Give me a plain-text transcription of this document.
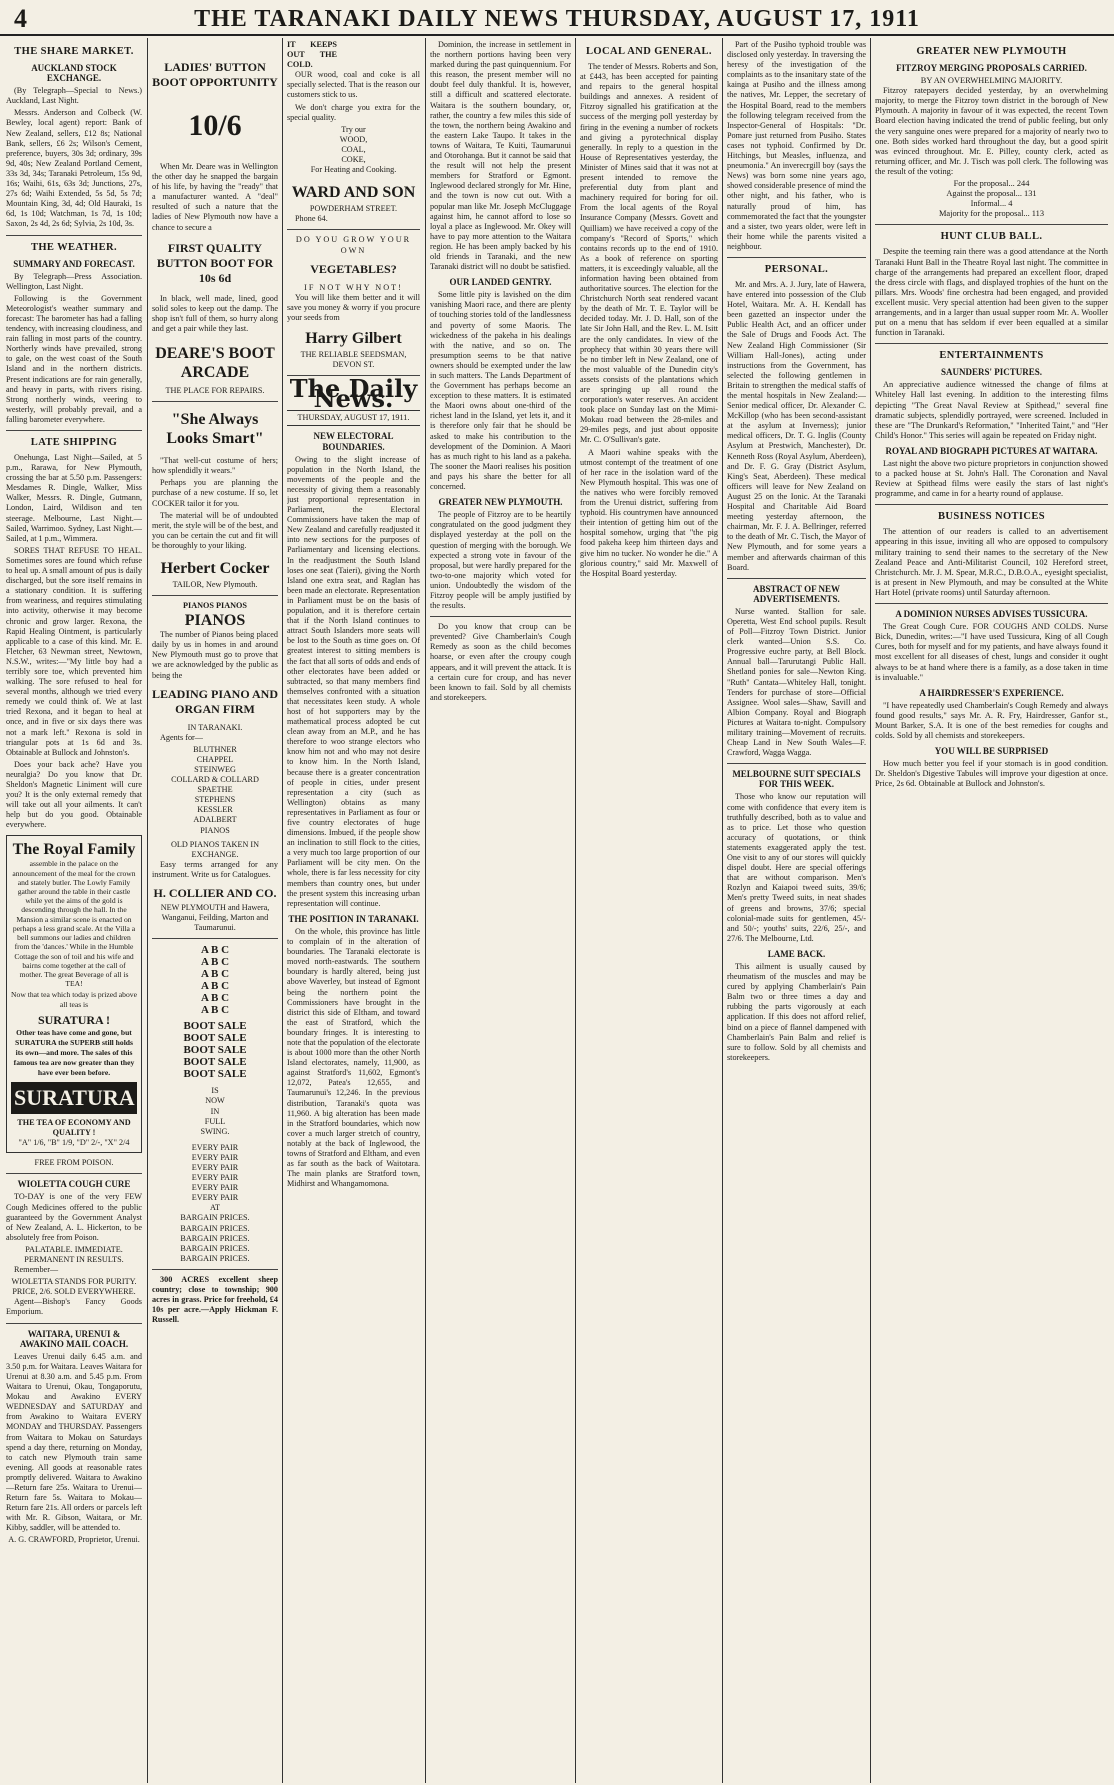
4	THE TARANAKI DAILY NEWS THURSDAY, AUGUST 17, 1911
THE SHARE MARKET.
AUCKLAND STOCK EXCHANGE.

(By Telegraph—Special to News.) Auckland, Last Night.

Messrs. Anderson and Colbeck (W. Bewley, local agent) report: Bank of New Zealand, sellers, £12 8s; National Bank, sellers, £6 2s; Wilson's Cement, preference, buyers, 30s 3d; ordinary, 39s 9d, 40s; New Zealand Portland Cement, 33s 3d, 34s; Taranaki Petroleum, 15s 9d, 16s; Waihi, 61s, 63s 3d; Junctions, 27s, 27s 6d; Waihi Extended, 5s 5d, 5s 7d; Mountain King, 3d, 4d; Old Hauraki, 1s 6d, 1s 10d; Watchman, 1s 7d, 1s 10d; Saxon, 2s 4d, 2s 6d; Sylvia, 2s 10d, 3s.

THE WEATHER.
SUMMARY AND FORECAST.

By Telegraph—Press Association. Wellington, Last Night.

Following is the Government Meteorologist's weather summary and forecast: The barometer has had a falling tendency, with increasing cloudiness, and rain falling in most parts of the country. Northerly winds have prevailed, strong to gale, on the west coast of the South Island and in the northern districts. Present indications are for rain generally, and heavy in parts, with rivers rising. Strong northerly winds, veering to westerly, will probably prevail, and a falling barometer everywhere.

LATE SHIPPING

Onehunga, Last Night—Sailed, at 5 p.m., Rarawa, for New Plymouth, crossing the bar at 5.50 p.m. Passengers: Mesdames R. Dingle, Walker, Miss Walker, Messrs. R. Dingle, Gutmann, London, Laird, Wildison and ten steerage. Melbourne, Last Night.—Sailed, Warrimoo. Sydney, Last Night.—Sailed, at 1 p.m., Wimmera.

SORES THAT REFUSE TO HEAL. Sometimes sores are found which refuse to heal up. A small amount of pus is daily discharged, but the sore itself remains in a stationary condition. It is suffering from weariness, and requires stimulating into activity, otherwise it may become chronic and grow larger. Rexona, the Rapid Healing Ointment, is particularly applicable to a case of this kind. Mr. E. Fletcher, 63 Newman street, Newtown, N.S.W., writes:—"My little boy had a terribly sore toe, which prevented him walking. The sore refused to heal for several months, although we tried every remedy we could think of. We at last tried Rexona, and it began to heal at once, and in five or six days there was not a mark left." Rexona is sold in triangular pots at 1s 6d and 3s. Obtainable at Bullock and Johnston's.

Does your back ache? Have you neuralgia? Do you know that Dr. Sheldon's Magnetic Liniment will cure you? It is the only external remedy that will take out all your ailments. It can't help but do you good. Obtainable everywhere.

The Royal Family

assemble in the palace on the announcement of the meal for the crown and stately butler. The Lowly Family gather around the table in their castle while yet the aims of the gold is descending through the hall. In the Mansion a similar scene is enacted on perhaps a less grand scale. At the Villa a bell summons our ladies and children from the 'dances.' While in the Humble Cottage the son of toil and his wife and bairns come together at the call of mother. The great Beverage of all is TEA!

Now that tea which today is prized above all teas is

SURATURA !

Other teas have come and gone, but SURATURA the SUPERB still holds its own—and more. The sales of this famous tea are now greater than they have ever been before.

SURATURA
THE TEA OF ECONOMY AND QUALITY !
"A" 1/6, "B" 1/9, "D" 2/-, "X" 2/4
FREE FROM POISON.
WIOLETTA COUGH CURE

TO-DAY is one of the very FEW Cough Medicines offered to the public guaranteed by the Government Analyst of New Zealand, A. L. Hickerton, to be absolutely free from Poison.

PALATABLE. IMMEDIATE. PERMANENT IN RESULTS.

Remember—

WIOLETTA STANDS FOR PURITY.
PRICE, 2/6. SOLD EVERYWHERE.

Agent—Bishop's Fancy Goods Emporium.

WAITARA, URENUI & AWAKINO MAIL COACH.

Leaves Urenui daily 6.45 a.m. and 3.50 p.m. for Waitara. Leaves Waitara for Urenui at 8.30 a.m. and 5.45 p.m. From Waitara to Urenui, Okau, Tongaporutu, Mokau and Awakino EVERY WEDNESDAY and SATURDAY and from Awakino to Waitara EVERY MONDAY and THURSDAY. Passengers from Waitara to Mokau on Saturdays spend a day there, returning on Monday, to catch new Plymouth train same evening. All goods at reasonable rates promptly delivered. Waitara to Awakino—Return fare 25s. Waitara to Urenui—Return fare 5s. Waitara to Mokau—Return fare 21s. All orders or parcels left with Mr. R. Gibson, Waitara, or Mr. Kibby, saddler, will be attended to.

A. G. CRAWFORD, Proprietor, Urenui.
LADIES' BUTTON BOOT OPPORTUNITY
10/6

When Mr. Deare was in Wellington the other day he snapped the bargain of his life, by having the "ready" that a manufacturer wanted. A "deal" resulted of such a nature that the ladies of New Plymouth now have a chance to secure a

FIRST QUALITY BUTTON BOOT FOR 10s 6d

In black, well made, lined, good solid soles to keep out the damp. The shop isn't full of them, so hurry along and get a pair while they last.

DEARE'S BOOT ARCADE
THE PLACE FOR REPAIRS.
"She Always Looks Smart"

"That well-cut costume of hers; how splendidly it wears."

Perhaps you are planning the purchase of a new costume. If so, let COCKER tailor it for you.

The material will be of undoubted merit, the style will be of the best, and you can be certain the cut and fit will be thoroughly to your liking.

Herbert Cocker
TAILOR, New Plymouth.
PIANOS PIANOS
PIANOS

The number of Pianos being placed daily by us in homes in and around New Plymouth must go to prove that we are acknowledged by the public as being the

LEADING PIANO AND ORGAN FIRM
IN TARANAKI.

Agents for—

BLUTHNER
CHAPPEL
STEINWEG
COLLARD & COLLARD
SPAETHE
STEPHENS
KESSLER
ADALBERT
PIANOS
OLD PIANOS TAKEN IN EXCHANGE.

Easy terms arranged for any instrument. Write us for Catalogues.

H. COLLIER AND CO.
NEW PLYMOUTH and Hawera, Wanganui, Feilding, Marton and Taumarunui.
A B C
A B C
A B C
A B C
A B C
A B C
BOOT SALE
BOOT SALE
BOOT SALE
BOOT SALE
BOOT SALE
IS
NOW
IN
FULL
SWING.
EVERY PAIR
EVERY PAIR
EVERY PAIR
EVERY PAIR
EVERY PAIR
EVERY PAIR
AT
BARGAIN PRICES.
BARGAIN PRICES.
BARGAIN PRICES.
BARGAIN PRICES.
BARGAIN PRICES.

300 ACRES excellent sheep country; close to township; 900 acres in grass. Price for freehold, £4 10s per acre.—Apply Hickman F. Russell.

IT KEEPS OUT THE COLD.

OUR wood, coal and coke is all specially selected. That is the reason our customers stick to us.

We don't charge you extra for the special quality.

Try our
WOOD,
COAL,
COKE,
For Heating and Cooking.
WARD AND SON
POWDERHAM STREET.

Phone 64.

DO YOU GROW YOUR OWN
VEGETABLES?
IF NOT WHY NOT!

You will like them better and it will save you money & worry if you procure your seeds from

Harry Gilbert
THE RELIABLE SEEDSMAN, DEVON ST.
The Daily News.
THURSDAY, AUGUST 17, 1911.
NEW ELECTORAL BOUNDARIES.

Owing to the slight increase of population in the North Island, the movements of the people and the necessity of giving them a reasonably just proportional representation in Parliament, the Electoral Commissioners have taken the map of New Zealand and carefully readjusted it into new sections for the purposes of Parliamentary and licensing elections. In the readjustment the South Island loses one seat (Taieri), giving the North Island one extra seat, and Raglan has been made an electorate. Representation in Parliament must be on the basis of population, and it is therefore certain that if the North Island continues to attract South Islanders more seats will be lost to the South as time goes on. Of greatest interest to sitting members is the fact that all sorts of odds and ends of other electorates have been added or subtracted, so that many members find themselves confronted with a situation that necessitates keen study. A whole host of hot supporters may by the mathematical process adopted be cut clean away from an M.P., and he has therefore to woo strange electors who know him not and who may not desire to know him. In the North Island, because there is a greater concentration of people in cities, under present representation a city (such as Wellington) obtains as many representatives in Parliament as four or five country electorates of huge dimensions. Imbued, if the people show an inclination to still flock to the cities, a very much too large proportion of our Parliament will be city men. On the whole, there is far less necessity for city members than country ones, but under the present system this increasing urban representation will continue.

THE POSITION IN TARANAKI.

On the whole, this province has little to complain of in the alteration of boundaries. The Taranaki electorate is moved north-eastwards. The southern boundary is hardly altered, being just above Waverley, but instead of Egmont being the northern point the Commissioners have brought in the district this side of Eltham, and toward the east of Stratford, which the boundary fringes. It is interesting to note that the population of the electorate is about 1000 more than the other North Island electorates, namely, 11,900, as against Stratford's 11,602, Egmont's 12,072, Patea's 12,655, and Taumarunui's 12,246. In the previous distribution, Taranaki's quota was 11,960. A big alteration has been made in the Stratford boundaries, which now cover a much larger stretch of country, notably at the back of Inglewood, the towns of Stratford and Eltham, and even as far south as the back of Waitotara. The main planks are Stratford town, Midhirst and Whangamomona.

Dominion, the increase in settlement in the northern portions having been very marked during the past quinquennium. For this reason, the present member will no doubt feel duly thankful. It is, however, still a difficult and scattered electorate. Waitara is the southern boundary, or, rather, the country a few miles this side of the town, the northern being Awakino and the eastern Lake Taupo. It takes in the towns of Waitara, Te Kuiti, Taumarunui and Otorohanga. But it cannot be said that the result will not help the present members for Stratford or Egmont. Inglewood declared strongly for Mr. Hine, and the town is now cut out. With a popular man like Mr. Joseph McCluggage against him, he cannot afford to lose so loyal a place as Inglewood. Mr. Okey will have to pay more attention to the Waitara region. He has been amply backed by his old friends in Taranaki, and the new Taranaki district will no doubt be satisfied.

OUR LANDED GENTRY.

Some little pity is lavished on the dim vanishing Maori race, and there are plenty of touching stories told of the landlessness and poverty of some Maoris. The wickedness of the pakeha in his dealings with the native, and so on. The presumption seems to be that native owners should be exempted under the law in such matters. The Lands Department of the Government has perhaps become an exception to these matters. It is estimated the Maori owns about one-third of the richest land in the Island, yet lets it, and it is therefore only fair that he should be asked to make his contribution to the development of the Dominion. A Maori has as much right to his land as a pakeha. The sooner the Maori realises his position and pays his share the better for all concerned.

GREATER NEW PLYMOUTH.

The people of Fitzroy are to be heartily congratulated on the good judgment they displayed yesterday at the poll on the question of merging with the borough. We expected a strong vote in favour of the proposal, but were hardly prepared for the two-to-one majority which voted for union. Undoubtedly the wisdom of the Fitzroy people will be amply justified by the results.

Do you know that croup can be prevented? Give Chamberlain's Cough Remedy as soon as the child becomes hoarse, or even after the croupy cough appears, and it will prevent the attack. It is a certain cure for croup, and has never been known to fail. Sold by all chemists and storekeepers.

LOCAL AND GENERAL.

The tender of Messrs. Roberts and Son, at £443, has been accepted for painting and repairs to the general hospital buildings and annexes. A resident of Fitzroy signalled his gratification at the success of the merging poll yesterday by firing in the evening a number of rockets and giving a pyrotechnical display generally. In reply to a question in the House of Representatives yesterday, the Minister of Mines said that it was not at present intended to remove the preferential duty from plant and machinery required for boring for oil. From the local agents of the Royal Insurance Company (Messrs. Govett and Quilliam) we have received a copy of the company's "Record of Sports," which contains records up to the end of 1910. As a book of reference on sporting matters, it is exceedingly valuable, all the information having been obtained from authoritative sources. The election for the Christchurch North seat rendered vacant by the death of Mr. T. E. Taylor will be decided today. Mr. J. D. Hall, son of the late Sir John Hall, and the Rev. L. M. Isitt are the only candidates. In view of the prophecy that within 30 years there will be no timber left in New Zealand, one of the most valuable of the Dunedin city's assets consists of the plantations which are springing up all round the corporation's water reserves. An accident took place on Sunday last on the Mimi-Mokau road between the 28-miles and 29-miles pegs, and just about opposite Mr. C. O'Sullivan's gate.

A Maori wahine speaks with the utmost contempt of the treatment of one of her race in the isolation ward of the New Plymouth hospital. This was one of the natives who were forcibly removed from the Urenui district, suffering from typhoid. His countrymen have announced their intention of getting him out of the hospital somehow, urging that "the pig food pakeha keep him thirteen days and give him no tucker. No wonder he die." A glorious country," said Mr. Maxwell of the Hospital Board yesterday.

Part of the Pusiho typhoid trouble was disclosed only yesterday. In traversing the heresy of the investigation of the complaints as to the insanitary state of the kainga at Pusiho and the illness among the natives, Mr. Lepper, the secretary of the Hospital Board, read to the members the following telegram received from the Inspector-General of Hospitals: "Dr. Pomare just returned from Pusiho. States cases not typhoid. Confirmed by Dr. Hitchings, but Measles, influenza, and pneumonia." An inverecrgill boy (says the News) was born some nine years ago, showed considerable presence of mind the other night, and his father, who is naturally proud of him, has commemorated the fact that the youngster and a sister, two years older, were left in their home while the parents visited a neighbour.

PERSONAL.

Mr. and Mrs. A. J. Jury, late of Hawera, have entered into possession of the Club Hotel, Waitara. Mr. A. H. Kendall has been gazetted an inspector under the Public Health Act, and an officer under the Sale of Drugs and Foods Act. The New Zealand High Commissioner (Sir William Hall-Jones), acting under instructions from the Government, has selected the following gentlemen in Britain to strengthen the medical staffs of the mental hospitals in New Zealand:—Senior medical officer, Dr. Alexander C. McKillop (who has been second-assistant at the asylum at Inverness); junior medical officers, Dr. T. G. Inglis (County Asylum at Prestwich, Manchester), Dr. Kenneth Ross (Royal Asylum, Aberdeen), and Dr. F. G. Gray (District Asylum, King's Seat, Aberdeen). These medical officers will leave for New Zealand on August 25 on the Ionic. At the Taranaki Hospital and Charitable Aid Board meeting yesterday afternoon, the chairman, Mr. F. J. A. Bellringer, referred to the death of Mr. C. Tisch, the Mayor of New Plymouth, and for some years a member and afterwards chairman of this Board.

ABSTRACT OF NEW ADVERTISEMENTS.

Nurse wanted. Stallion for sale. Operetta, West End school pupils. Result of Poll—Fitzroy Town District. Junior clerk wanted—Union S.S. Co. Progressive euchre party, at Bell Block. Annual ball—Tarurutangi Public Hall. Shetland ponies for sale—Newton King. "Ruth" Cantata—Whiteley Hall, tonight. Tenders for purchase of store—Official Assignee. Wool sales—Shaw, Savill and Albion Company. Royal and Biograph Pictures at Waitara to-night. Compulsory military training—Movement of recruits. Cheap Land in New South Wales—F. Crawford, Wagga Wagga.

MELBOURNE SUIT SPECIALS FOR THIS WEEK.

Those who know our reputation will come with confidence that every item is truthfully described, both as to value and as to price. Let those who question accuracy of quotations, or think statements exaggerated apply the test. One visit to any of our stores will quickly dispel doubt. Here are special offerings that are without comparison. Men's Rozlyn and Kaiapoi tweed suits, 39/6; Men's pretty Tweed suits, in neat shades of greens and browns, 37/6; special colonial-made suits for gentlemen, 45/- and 50/-; youths' suits, 22/6, 25/-, and 27/6. The Melbourne, Ltd.

LAME BACK.

This ailment is usually caused by rheumatism of the muscles and may be cured by applying Chamberlain's Pain Balm two or three times a day and rubbing the parts vigorously at each application. If this does not afford relief, bind on a piece of flannel dampened with Chamberlain's Pain Balm and relief is sure to follow. Sold by all chemists and storekeepers.

GREATER NEW PLYMOUTH
FITZROY MERGING PROPOSALS CARRIED.
BY AN OVERWHELMING MAJORITY.

Fitzroy ratepayers decided yesterday, by an overwhelming majority, to merge the Fitzroy town district in the borough of New Plymouth. A majority in favour of it was expected, the recent Town Board election having indicated the trend of public feeling, but only the very sanguine ones were prepared for a majority of nearly two to one. Both sides worked hard throughout the day, but a good spirit was evinced throughout. Mr. E. Pilley, county clerk, acted as returning officer, and Mr. J. Tisch was poll clerk. The following was the result of the voting:

For the proposal... 244
Against the proposal... 131
Informal... 4
Majority for the proposal... 113
HUNT CLUB BALL.

Despite the teeming rain there was a good attendance at the North Taranaki Hunt Ball in the Theatre Royal last night. The committee in charge of the arrangements had prepared an excellent floor, draped the dress circle with flags, and displayed trophies of the hunt on the pillars. Mrs. Woods' fine orchestra had been engaged, and provided excellent music. Very special attention had been given to the supper arrangements, and in a larger than usual supper room Mr. A. Wooller put on a menu that has seldom if ever been equalled at a similar function in Taranaki.

ENTERTAINMENTS
SAUNDERS' PICTURES.

An appreciative audience witnessed the change of films at Whiteley Hall last evening. In addition to the interesting films depicting "The Great Naval Review at Spithead," several fine dramatic subjects, splendidly portrayed, were screened. Included in these are "The Drunkard's Reformation," "Inherited Taint," and "Her Child's Honor." This series will again be repeated on Friday night.

ROYAL AND BIOGRAPH PICTURES AT WAITARA.

Last night the above two picture proprietors in conjunction showed to a packed house at St. John's Hall. The Coronation and Naval Review at Spithead films were easily the stars of last night's programme, and came in for a hearty round of applause.

BUSINESS NOTICES

The attention of our readers is called to an advertisement appearing in this issue, inviting all who are opposed to compulsory military training to send their names to the secretary of the New Zealand Peace and Anti-Militarist Council, 102 Hereford street, Christchurch. Mr. J. M. Spear, M.R.C., D.B.O.A., eyesight specialist, is at present in New Plymouth, and may be consulted at the White Hart Hotel (private rooms) until Saturday afternoon.

A DOMINION NURSES ADVISES TUSSICURA.

The Great Cough Cure. FOR COUGHS AND COLDS. Nurse Bick, Dunedin, writes:—"I have used Tussicura, King of all Cough Cures, both for myself and for my patients, and have always found it most excellent for all diseases of chest, lungs and consider it ought always to be at hand where there is a family, as a dose taken in time is invaluable."

A HAIRDRESSER'S EXPERIENCE.

"I have repeatedly used Chamberlain's Cough Remedy and always found good results," says Mr. A. R. Fry, Hairdresser, Ganfor st., Mount Barker, S.A. It is one of the best remedies for coughs and colds. Sold by all chemists and storekeepers.

YOU WILL BE SURPRISED

How much better you feel if your stomach is in good condition. Dr. Sheldon's Digestive Tabules will improve your digestion at once. Price, 2s 6d. Obtainable at Bullock and Johnston's.
